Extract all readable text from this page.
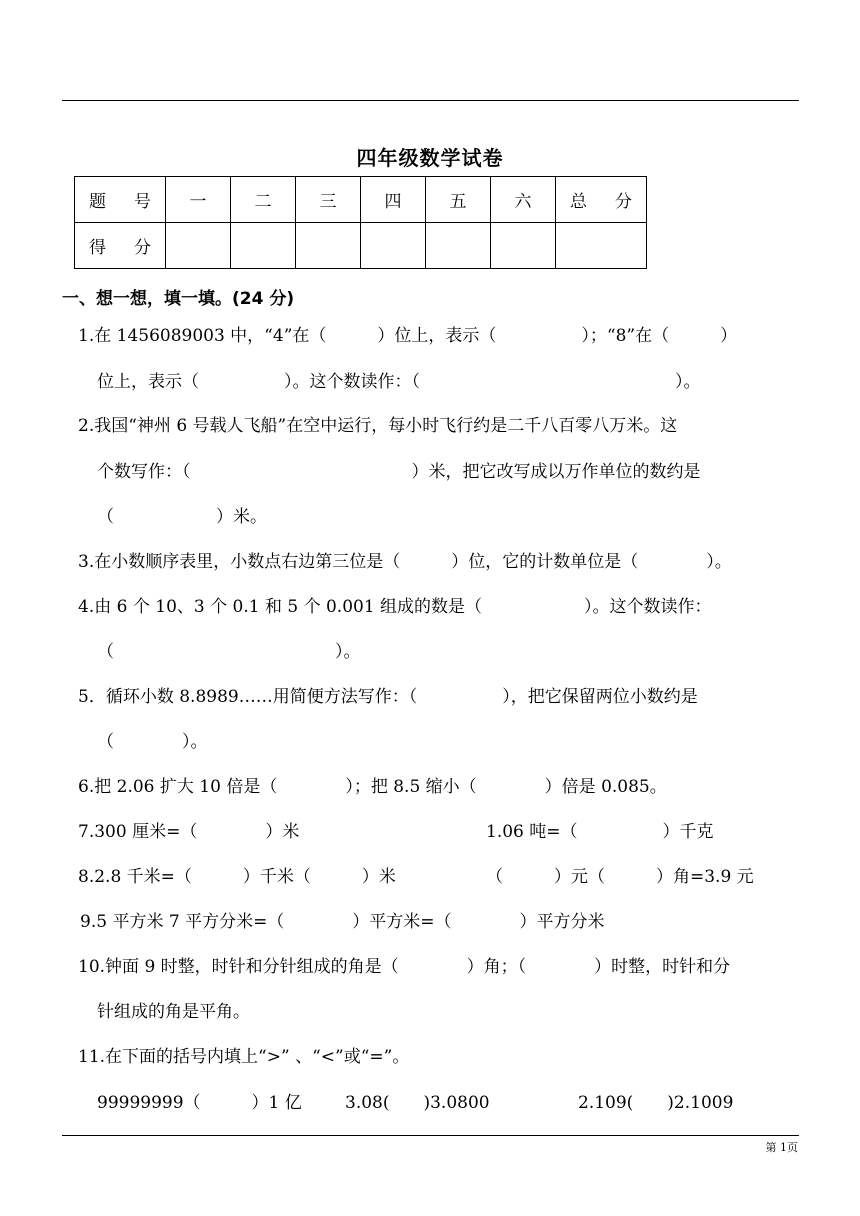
四年级数学试卷
题　号	一	二	三	四	五	六	总　分
得　分							
一、想一想，填一填。(24 分)
1.在 1456089003 中，“4”在（　　　）位上，表示（　　　　　）；“8”在（　　　）
位上，表示（　　　　　）。这个数读作：（　　　　　　　　　　　　　　　）。
2.我国“神州 6 号载人飞船”在空中运行，每小时飞行约是二千八百零八万米。这
个数写作：（　　　　　　　　　　　　　）米，把它改写成以万作单位的数约是
（　　　　　　）米。
3.在小数顺序表里，小数点右边第三位是（　　　）位，它的计数单位是（　　　　）。
4.由 6 个 10、3 个 0.1 和 5 个 0.001 组成的数是（　　　　　　）。这个数读作：
（　　　　　　　　　　　　　）。
5．循环小数 8.8989……用简便方法写作：（　　　　　），把它保留两位小数约是
（　　　　）。
6.把 2.06 扩大 10 倍是（　　　　）；把 8.5 缩小（　　　　）倍是 0.085。
7.300 厘米=（　　　　）米	1.06 吨=（　　　　　）千克
8.2.8 千米=（　　　）千米（　　　）米	（　　　）元（　　　）角=3.9 元
9.5 平方米 7 平方分米=（　　　　）平方米=（　　　　）平方分米
10.钟面 9 时整，时针和分针组成的角是（　　　　）角；（　　　　）时整，时针和分
针组成的角是平角。
11.在下面的括号内填上“>” 、“<”或“=”。
99999999（　　　）1 亿	3.08(　　)3.0800	2.109(　　)2.1009
第 1页
